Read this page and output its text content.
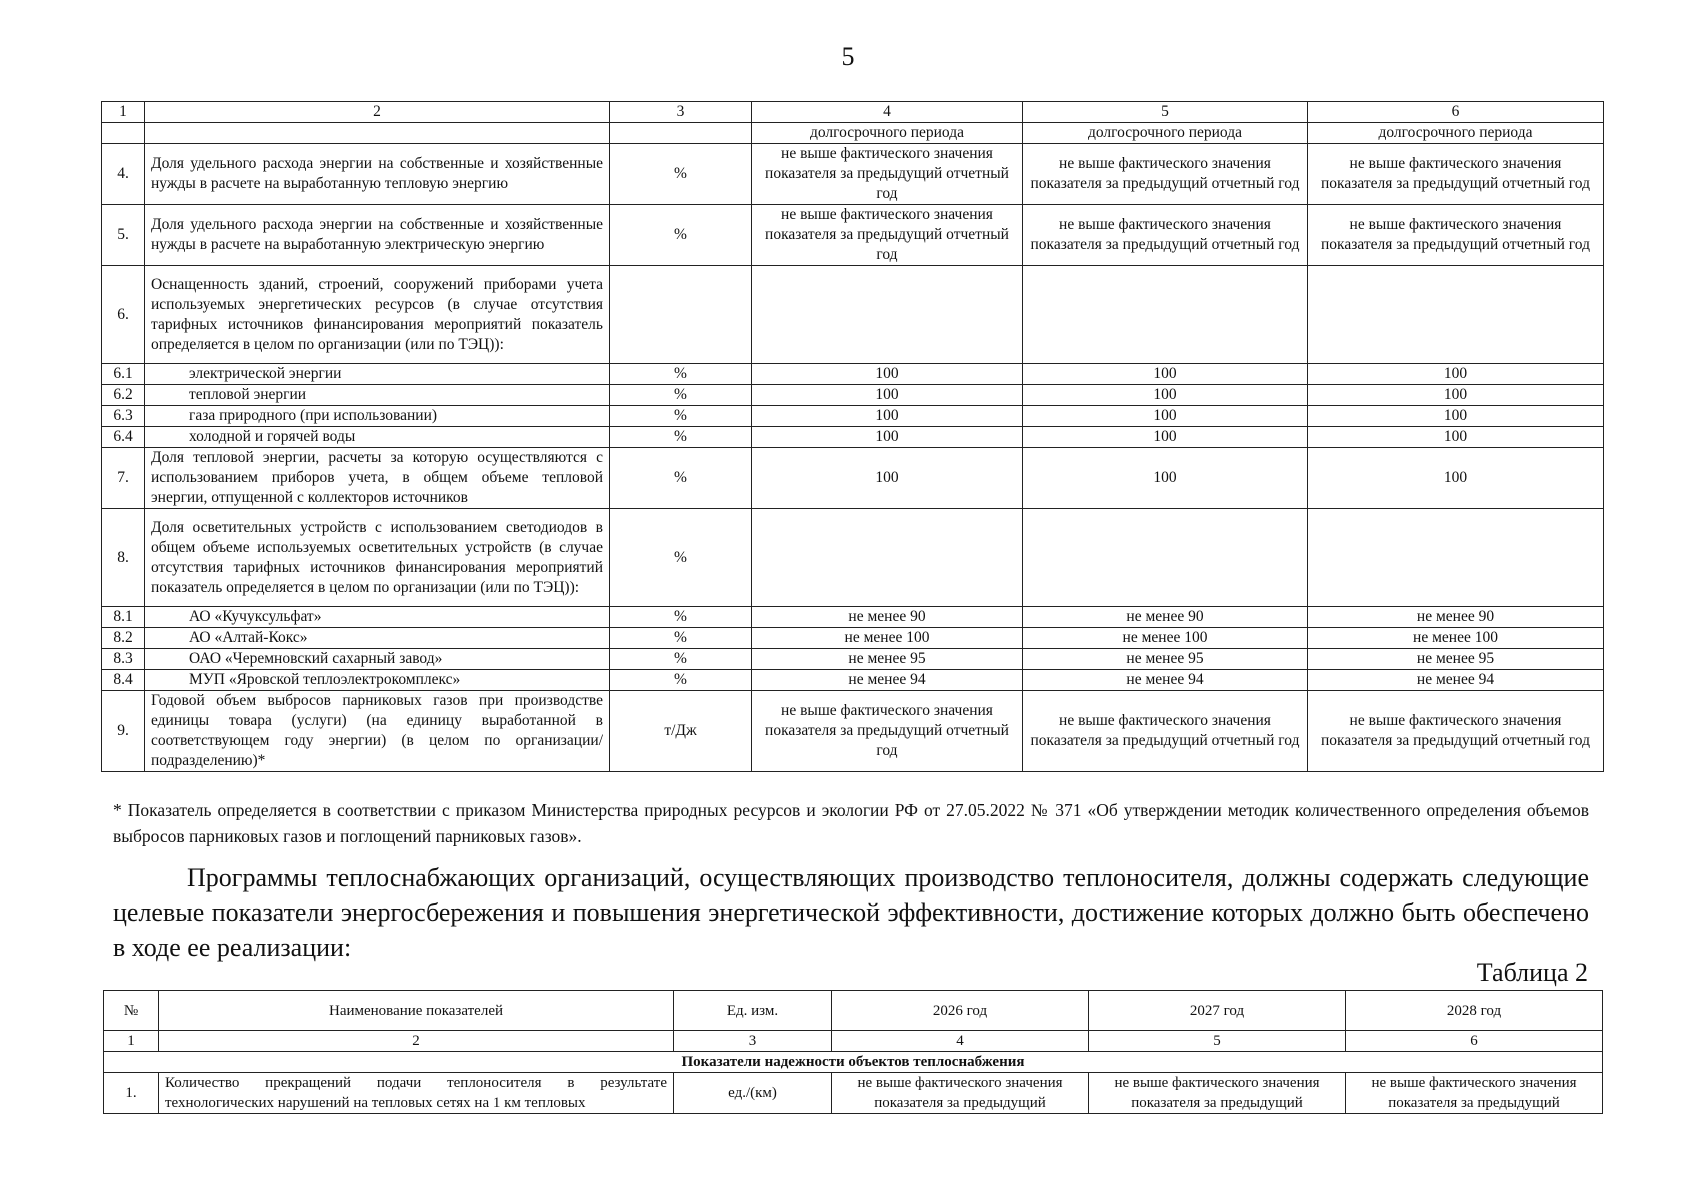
5
1	2	3	4	5	6
			долгосрочного периода	долгосрочного периода	долгосрочного периода
4.	Доля удельного расхода энергии на собственные и хозяйственные нужды в расчете на выработанную тепловую энергию	%	не выше фактического значения показателя за предыдущий отчетный год	не выше фактического значения показателя за предыдущий отчетный год	не выше фактического значения показателя за предыдущий отчетный год
5.	Доля удельного расхода энергии на собственные и хозяйственные нужды в расчете на выработанную электрическую энергию	%	не выше фактического значения показателя за предыдущий отчетный год	не выше фактического значения показателя за предыдущий отчетный год	не выше фактического значения показателя за предыдущий отчетный год
6.	Оснащенность зданий, строений, сооружений приборами учета используемых энергетических ресурсов (в случае отсутствия тарифных источников финансирования мероприятий показатель определяется в целом по организации (или по ТЭЦ)):				
6.1	электрической энергии	%	100	100	100
6.2	тепловой энергии	%	100	100	100
6.3	газа природного (при использовании)	%	100	100	100
6.4	холодной и горячей воды	%	100	100	100
7.	Доля тепловой энергии, расчеты за которую осуществляются с использованием приборов учета, в общем объеме тепловой энергии, отпущенной с коллекторов источников	%	100	100	100
8.	Доля осветительных устройств с использованием светодиодов в общем объеме используемых осветительных устройств (в случае отсутствия тарифных источников финансирования мероприятий показатель определяется в целом по организации (или по ТЭЦ)):	%			
8.1	АО «Кучуксульфат»	%	не менее 90	не менее 90	не менее 90
8.2	АО «Алтай-Кокс»	%	не менее 100	не менее 100	не менее 100
8.3	ОАО «Черемновский сахарный завод»	%	не менее 95	не менее 95	не менее 95
8.4	МУП «Яровской теплоэлектрокомплекс»	%	не менее 94	не менее 94	не менее 94
9.	Годовой объем выбросов парниковых газов при производстве единицы товара (услуги) (на единицу выработанной в соответствующем году энергии) (в целом по организации/подразделению)*	т/Дж	не выше фактического значения показателя за предыдущий отчетный год	не выше фактического значения показателя за предыдущий отчетный год	не выше фактического значения показателя за предыдущий отчетный год
* Показатель определяется в соответствии с приказом Министерства природных ресурсов и экологии РФ от 27.05.2022 № 371 «Об утверждении методик количественного определения объемов выбросов парниковых газов и поглощений парниковых газов».
Программы теплоснабжающих организаций, осуществляющих производство теплоносителя, должны содержать следующие целевые показатели энергосбережения и повышения энергетической эффективности, достижение которых должно быть обеспечено в ходе ее реализации:
Таблица 2
№	Наименование показателей	Ед. изм.	2026 год	2027 год	2028 год
1	2	3	4	5	6
Показатели надежности объектов теплоснабжения					
1.	Количество прекращений подачи теплоносителя в результате технологических нарушений на тепловых сетях на 1 км тепловых	ед./(км)	не выше фактического значения показателя за предыдущий	не выше фактического значения показателя за предыдущий	не выше фактического значения показателя за предыдущий
